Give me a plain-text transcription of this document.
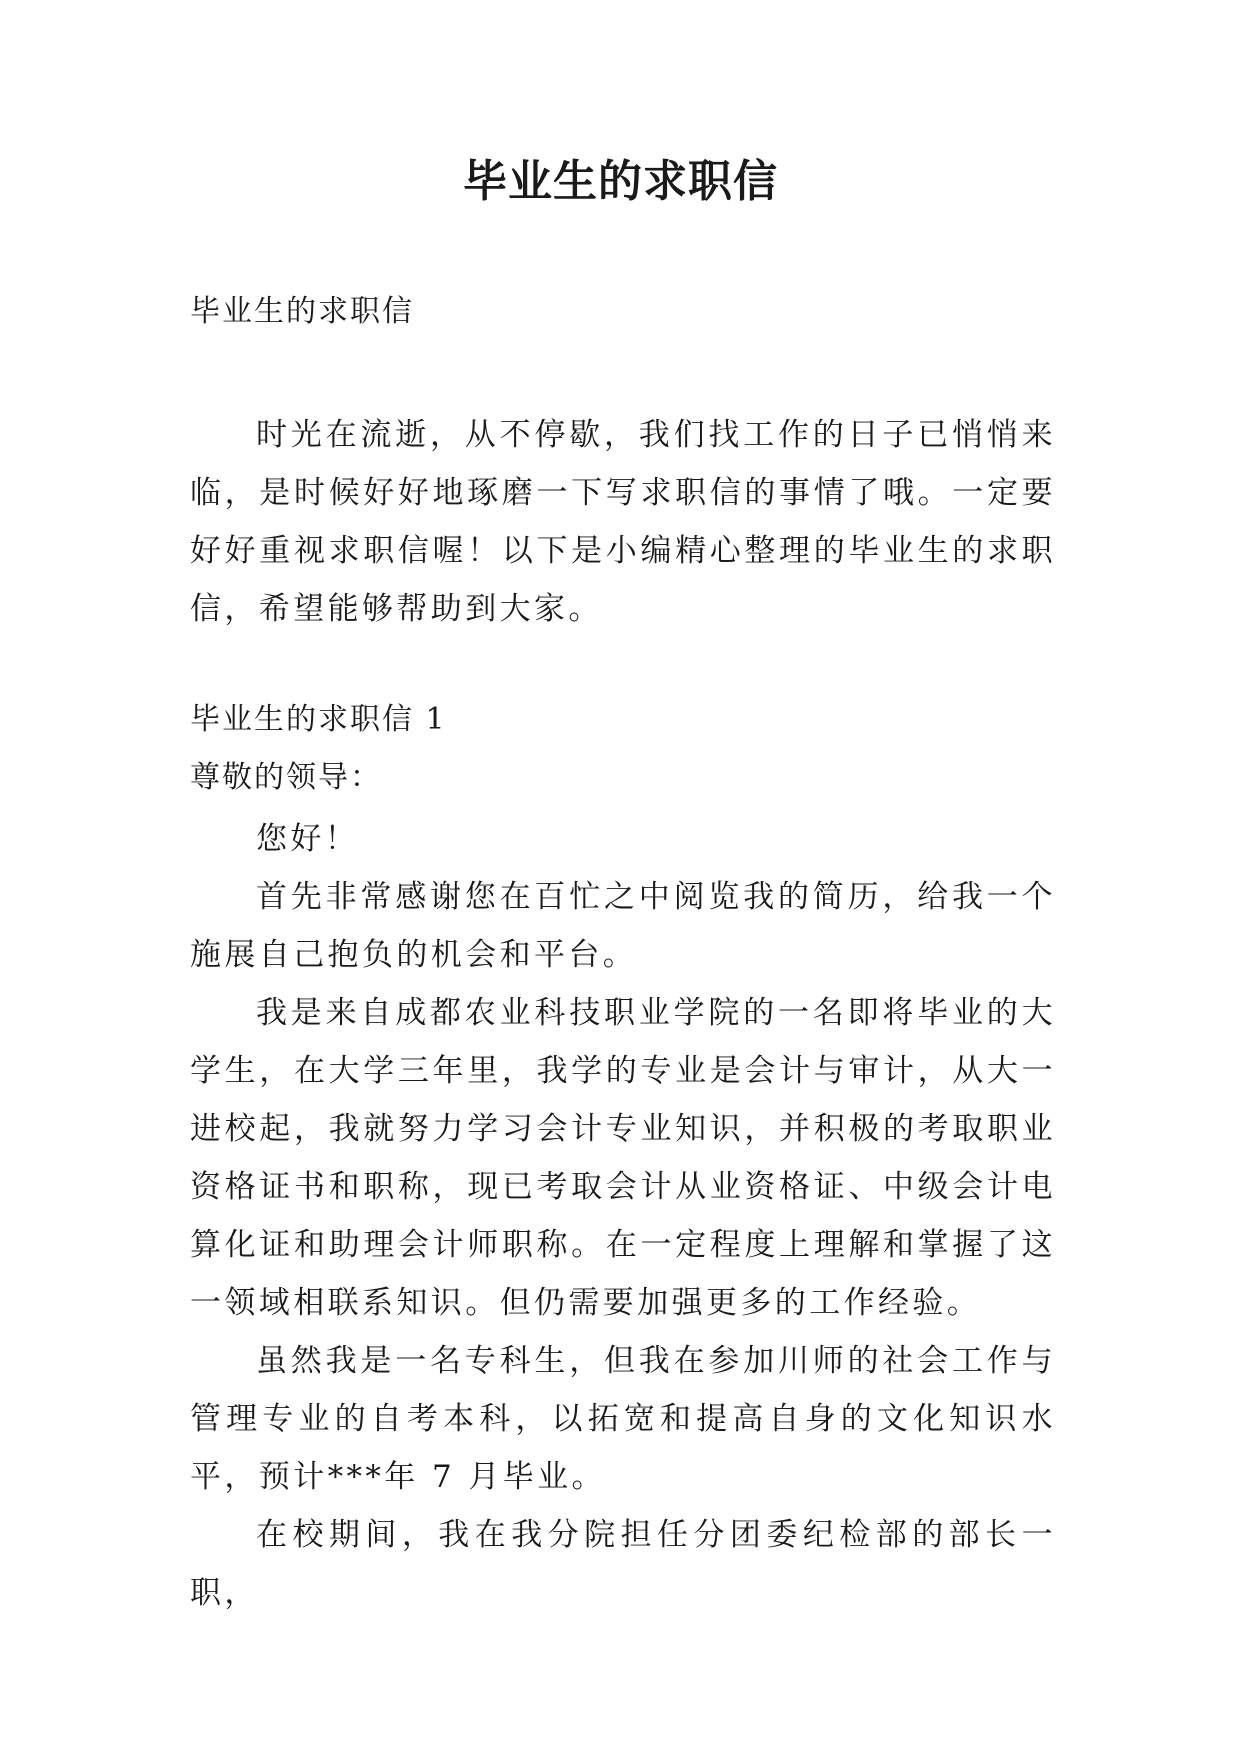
毕业生的求职信

毕业生的求职信

时光在流逝，从不停歇，我们找工作的日子已悄悄来临，是时候好好地琢磨一下写求职信的事情了哦。一定要好好重视求职信喔！以下是小编精心整理的毕业生的求职信，希望能够帮助到大家。

毕业生的求职信 1

尊敬的领导：

您好！

首先非常感谢您在百忙之中阅览我的简历，给我一个施展自己抱负的机会和平台。

我是来自成都农业科技职业学院的一名即将毕业的大学生，在大学三年里，我学的专业是会计与审计，从大一进校起，我就努力学习会计专业知识，并积极的考取职业资格证书和职称，现已考取会计从业资格证、中级会计电算化证和助理会计师职称。在一定程度上理解和掌握了这一领域相联系知识。但仍需要加强更多的工作经验。

虽然我是一名专科生，但我在参加川师的社会工作与管理专业的自考本科，以拓宽和提高自身的文化知识水平，预计***年 7 月毕业。

在校期间，我在我分院担任分团委纪检部的部长一职，
